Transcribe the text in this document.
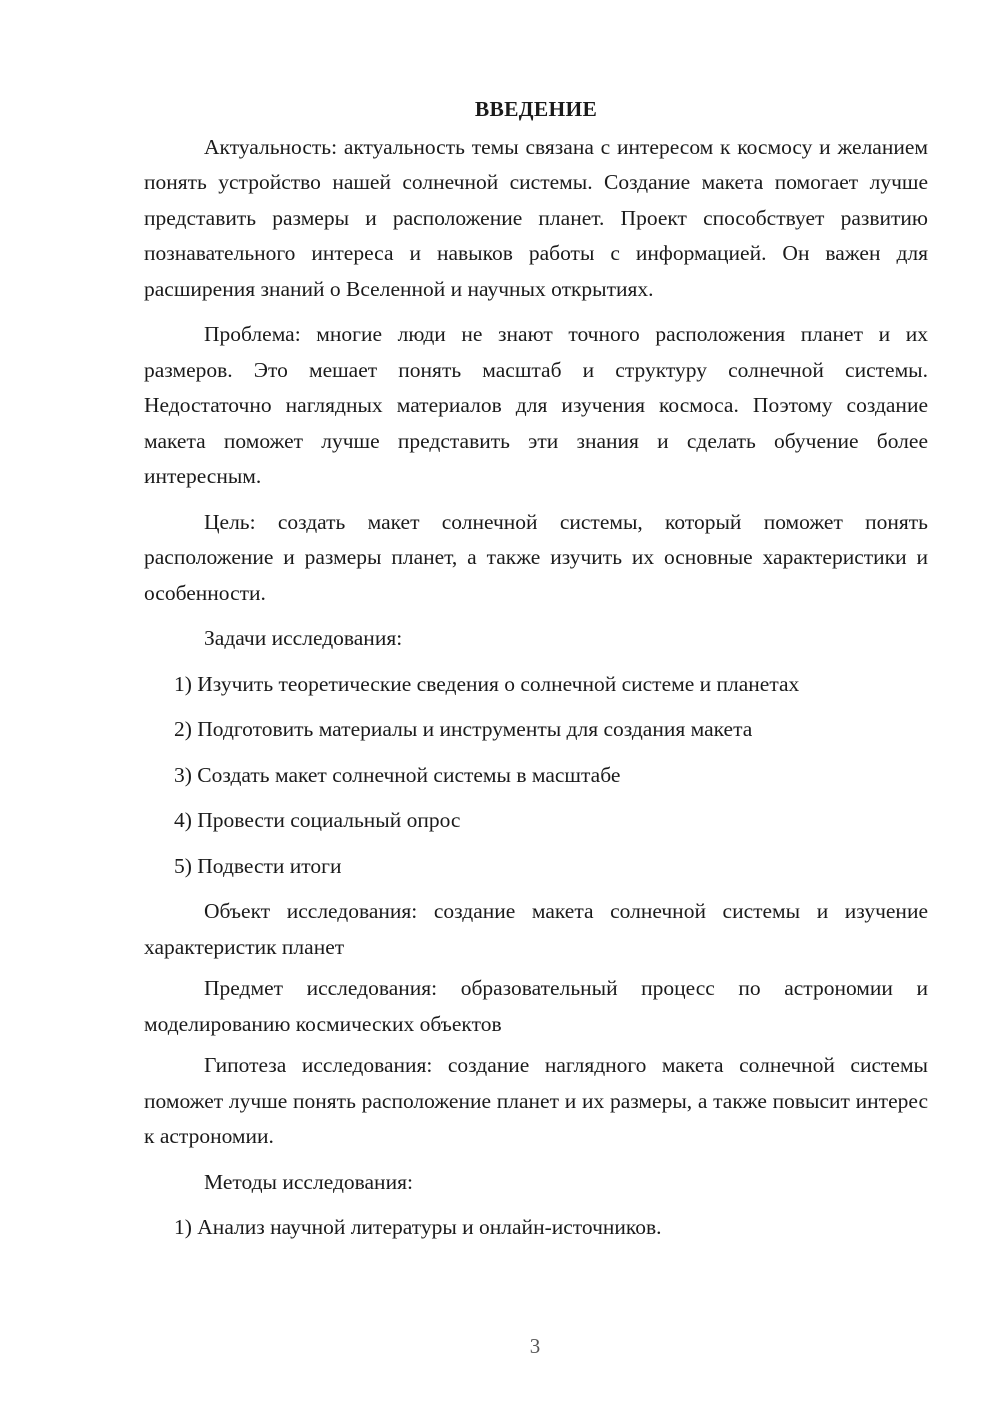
ВВЕДЕНИЕ

Актуальность: актуальность темы связана с интересом к космосу и желанием понять устройство нашей солнечной системы. Создание макета помогает лучше представить размеры и расположение планет. Проект способствует развитию познавательного интереса и навыков работы с информацией. Он важен для расширения знаний о Вселенной и научных открытиях.

Проблема: многие люди не знают точного расположения планет и их размеров. Это мешает понять масштаб и структуру солнечной системы. Недостаточно наглядных материалов для изучения космоса. Поэтому создание макета поможет лучше представить эти знания и сделать обучение более интересным.

Цель: создать макет солнечной системы, который поможет понять расположение и размеры планет, а также изучить их основные характеристики и особенности.

Задачи исследования:
1) Изучить теоретические сведения о солнечной системе и планетах
2) Подготовить материалы и инструменты для создания макета
3) Создать макет солнечной системы в масштабе
4) Провести социальный опрос
5) Подвести итоги

Объект исследования: создание макета солнечной системы и изучение характеристик планет

Предмет исследования: образовательный процесс по астрономии и моделированию космических объектов

Гипотеза исследования: создание наглядного макета солнечной системы поможет лучше понять расположение планет и их размеры, а также повысит интерес к астрономии.

Методы исследования:
1) Анализ научной литературы и онлайн-источников.
3
